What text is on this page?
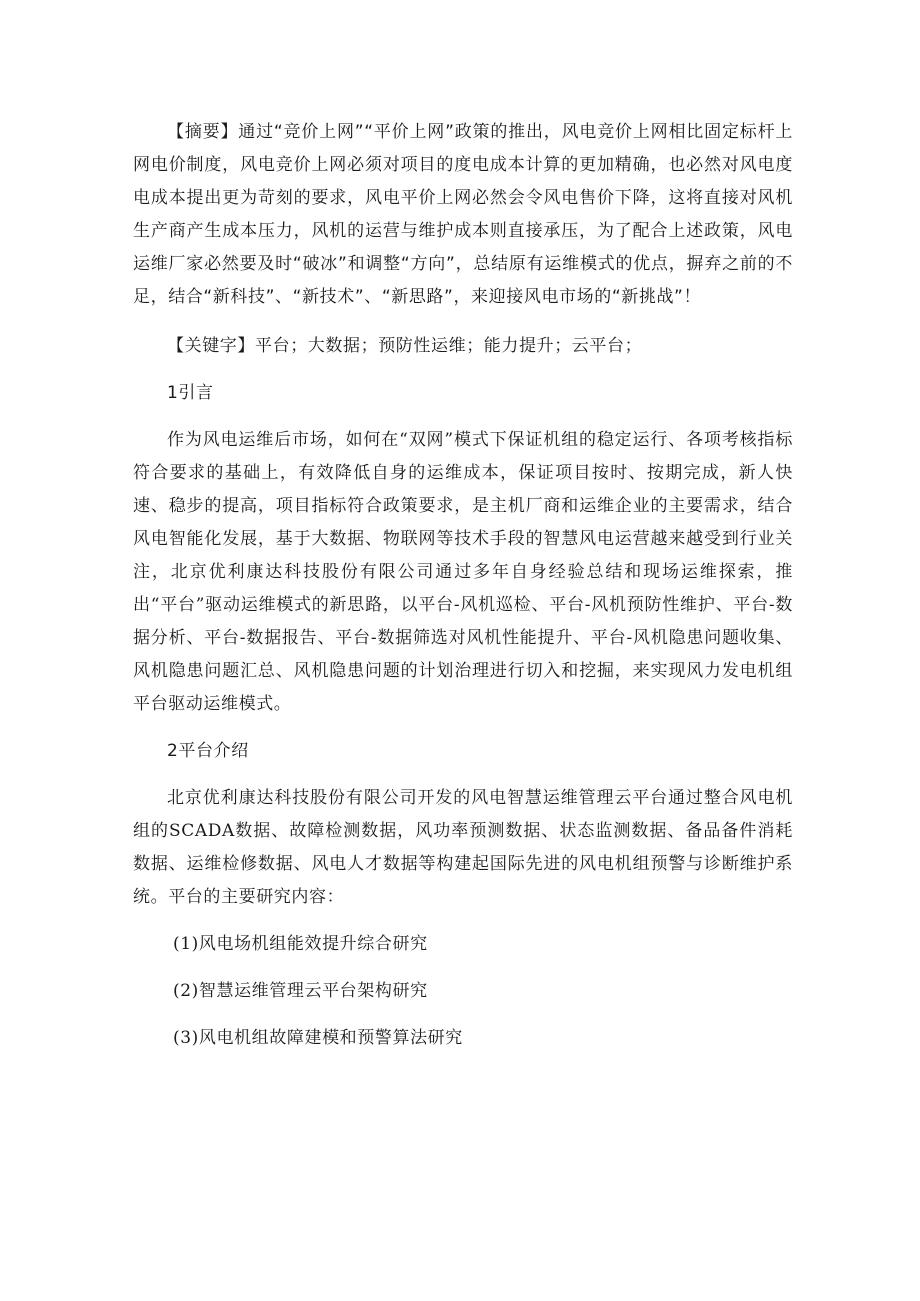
【摘要】通过“竞价上网”“平价上网”政策的推出，风电竞价上网相比固定标杆上网电价制度，风电竞价上网必须对项目的度电成本计算的更加精确，也必然对风电度电成本提出更为苛刻的要求，风电平价上网必然会令风电售价下降，这将直接对风机生产商产生成本压力，风机的运营与维护成本则直接承压，为了配合上述政策，风电运维厂家必然要及时“破冰”和调整“方向”，总结原有运维模式的优点，摒弃之前的不足，结合“新科技”、“新技术”、“新思路”，来迎接风电市场的“新挑战”！

【关键字】平台；大数据；预防性运维；能力提升；云平台；

1引言

作为风电运维后市场，如何在“双网”模式下保证机组的稳定运行、各项考核指标符合要求的基础上，有效降低自身的运维成本，保证项目按时、按期完成，新人快速、稳步的提高，项目指标符合政策要求，是主机厂商和运维企业的主要需求，结合风电智能化发展，基于大数据、物联网等技术手段的智慧风电运营越来越受到行业关注，北京优利康达科技股份有限公司通过多年自身经验总结和现场运维探索，推出“平台”驱动运维模式的新思路，以平台-风机巡检、平台-风机预防性维护、平台-数据分析、平台-数据报告、平台-数据筛选对风机性能提升、平台-风机隐患问题收集、风机隐患问题汇总、风机隐患问题的计划治理进行切入和挖掘，来实现风力发电机组平台驱动运维模式。

2平台介绍

北京优利康达科技股份有限公司开发的风电智慧运维管理云平台通过整合风电机组的SCADA数据、故障检测数据，风功率预测数据、状态监测数据、备品备件消耗数据、运维检修数据、风电人才数据等构建起国际先进的风电机组预警与诊断维护系统。平台的主要研究内容：

(1)风电场机组能效提升综合研究

(2)智慧运维管理云平台架构研究

(3)风电机组故障建模和预警算法研究
